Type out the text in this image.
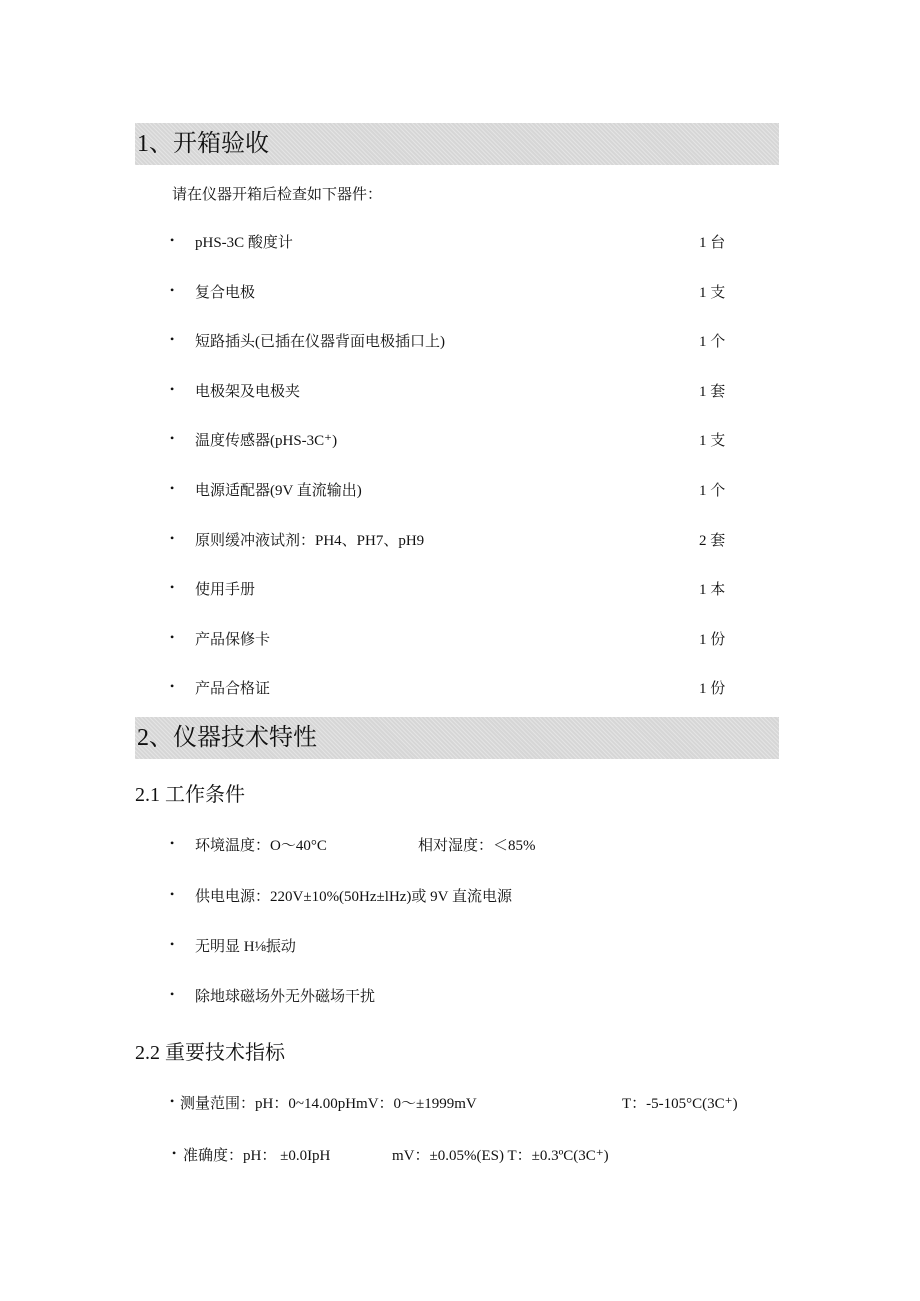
1、开箱验收
请在仪器开箱后检查如下器件：
• pHS-3C 酸度计	1 台
• 复合电极	1 支
• 短路插头(已插在仪器背面电极插口上)	1 个
• 电极架及电极夹	1 套
• 温度传感器(pHS-3C⁺)	1 支
• 电源适配器(9V 直流输出)	1 个
• 原则缓冲液试剂：PH4、PH7、pH9	2 套
• 使用手册	1 本
• 产品保修卡	1 份
• 产品合格证	1 份
2、仪器技术特性
2.1 工作条件
• 环境温度：O～40°C	相对湿度：＜85%
• 供电电源：220V±10%(50Hz±lHz)或 9V 直流电源
• 无明显 H⅛振动
• 除地球磁场外无外磁场干扰
2.2 重要技术指标
• 测量范围：pH：0~14.00pHmV：0～±1999mV	T：-5-105°C(3C⁺)
• 准确度：pH： ±0.0IpH	mV：±0.05%(ES) T：±0.3ºC(3C⁺)
